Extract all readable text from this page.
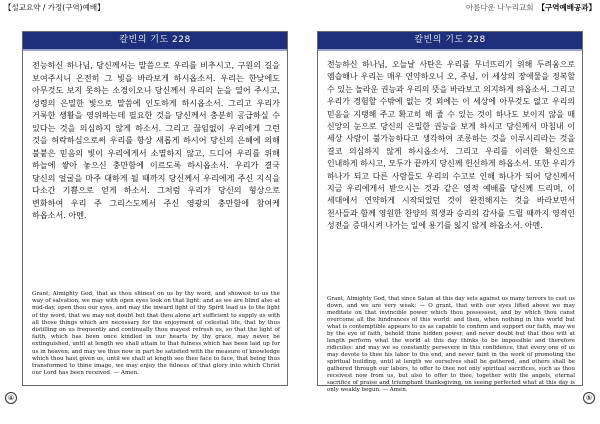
【설교요약 / 가정(구역)예배】	아름다운 나누리교회 【구역예배공과】
칼빈의 기도 228

전능하신 하나님, 당신께서는 말씀으로 우리를 비추시고, 구원의 길을 보여주시니 온전히 그 빛을 바라보게 하시옵소서. 우리는 한낮에도 아무것도 보지 못하는 소경이오니 당신께서 우리의 눈을 열어 주시고, 성령의 은밀한 빛으로 말씀에 인도하게 하시옵소서. 그리고 우리가 거룩한 생활을 영위하는데 필요한 것을 당신께서 충분히 공급하실 수 있다는 것을 의심하지 않게 하소서. 그리고 끊임없이 우리에게 그런 것을 허락하심으로써 우리를 항상 새롭게 하시어 당신의 은혜에 의해 불붙은 믿음의 빛이 우리에게서 소멸하지 않고, 드디어 우리를 위해 하늘에 쌓아 놓으신 충만함에 이르도록 하시옵소서. 우리가 결국 당신의 얼굴을 마주 대하게 될 때까지 당신께서 우리에게 주신 지식을 다소간 기쁨으로 얻게 하소서. 그처럼 우리가 당신의 형상으로 변화하여 우리 주 그리스도께서 주신 영광의 충만함에 참여케 하옵소서. 아멘.

Grant, Almighty God, that as thou shinest on us by thy word, and showest to us the way of salvation, we may with open eyes look on that light: and as we are blind also at mid-day, open thou our eyes, and may the inward light of thy Spirit lead us to the light of thy word, that we may not doubt but that thou alone art sufficient to supply us with all those things which are necessary for the enjoyment of celestial life, that by thus distilling on us frequently and continually thou mayest refresh us, so that the light of faith, which has been once kindled in our hearts by thy grace, may never be extinguished, until at length we shall attain to that fulness which has been laid up for us in heaven; and may we thus now in part be satisfied with the measure of knowledge which thou hast given us, until we shall at length see thee face to face, that being thus transformed to thine image, we may enjoy the fulness of that glory into which Christ our Lord has been received. — Amen.

칼빈의 기도 228

전능하신 하나님, 오늘날 사탄은 우리를 무너뜨리기 위해 두려움으로 엠습해나 우리는 매우 연약하오니 오, 주님, 이 세상의 장애물을 정복할 수 있는 놀라운 권능과 우리의 뜻을 바라보고 의지하게 하옵소서. 그리고 우리가 경험할 수밖에 없는 것 외에는 이 세상에 아무것도 없고 우리의 믿음을 지탱해 주고 확고히 해 줄 수 있는 것이 하나도 보이지 않을 때 신앙의 눈으로 당신의 은밀한 권능을 보게 하시고 당신께서 마침내 이 세상 사람이 불가능하다고 생각하여 조롱하는 것을 이루시리라는 것을 결코 의심하지 않게 하시옵소서. 그리고 우리를 이러한 확신으로 인내하게 하시고, 모두가 끝까지 당신께 헌신하게 하옵소서. 또한 우리가 하나가 되고 다른 사람들도 우리의 수고로 인해 하나가 되어 당신께서 지금 우리에게서 받으시는 것과 같은 영적 예배를 당신께 드리며, 이 세대에서 연약하게 시작되었던 것이 완전해지는 것을 바라보면서 천사들과 함께 영원한 찬양의 희생과 승리의 감사를 드릴 때까지 영적인 성전을 증대시켜 나가는 일에 용기를 잃지 않게 하옵소서. 아멘.

Grant, Almighty God, that since Satan at this day sets against us many terrors to cast us down, and we are very weak; — O grant, that with our eyes lifted above we may meditate on that invincible power which thou possessest, and by which thou canst overcome all the hindrances of this world: and then, when nothing in this world but what is contemptible appears to us as capable to confirm and support our faith, may we by the eye of faith, behold thine hidden power, and never doubt but that thou wilt at length perform what the world at this day thinks to be impossible and therefore ridicules: and may we so constantly persevere in this confidence, that every one of us may devote to thee his labor to the end, and never faint in the work of promoting the spiritual building, until at length we ourselves shall be gathered, and others shall be gathered through our labors, to offer to thee not only spiritual sacrifices, such as thou receivest now from us, but also to offer to thee, together with the angels, eternal sacrifice of praise and triumphant thanksgiving, on seeing perfected what at this day is only weakly begun. — Amen.

④	⑤
